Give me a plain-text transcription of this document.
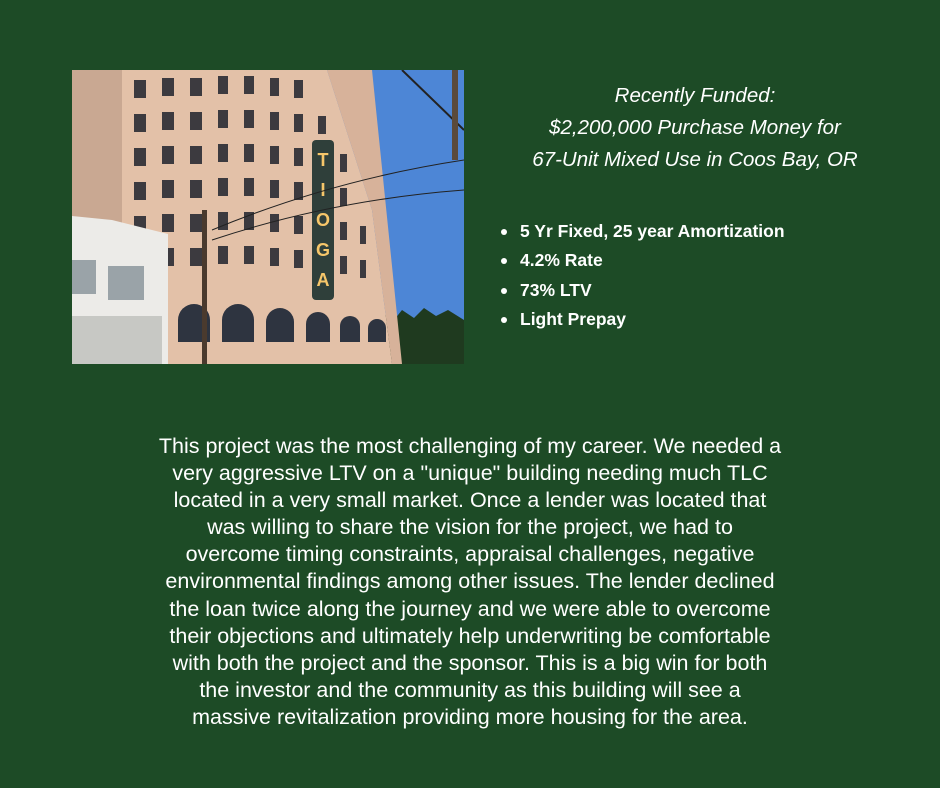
T
I
O
G
A
Recently Funded:
$2,200,000 Purchase Money for
67-Unit Mixed Use in Coos Bay, OR
5 Yr Fixed, 25 year Amortization
4.2% Rate
73% LTV
Light Prepay
This project was the most challenging of my career. We needed a
very aggressive LTV on a "unique" building needing much TLC
located in a very small market. Once a lender was located that
was willing to share the vision for the project, we had to
overcome timing constraints, appraisal challenges, negative
environmental findings among other issues. The lender declined
the loan twice along the journey and we were able to overcome
their objections and ultimately help underwriting be comfortable
with both the project and the sponsor. This is a big win for both
the investor and the community as this building will see a
massive revitalization providing more housing for the area.
